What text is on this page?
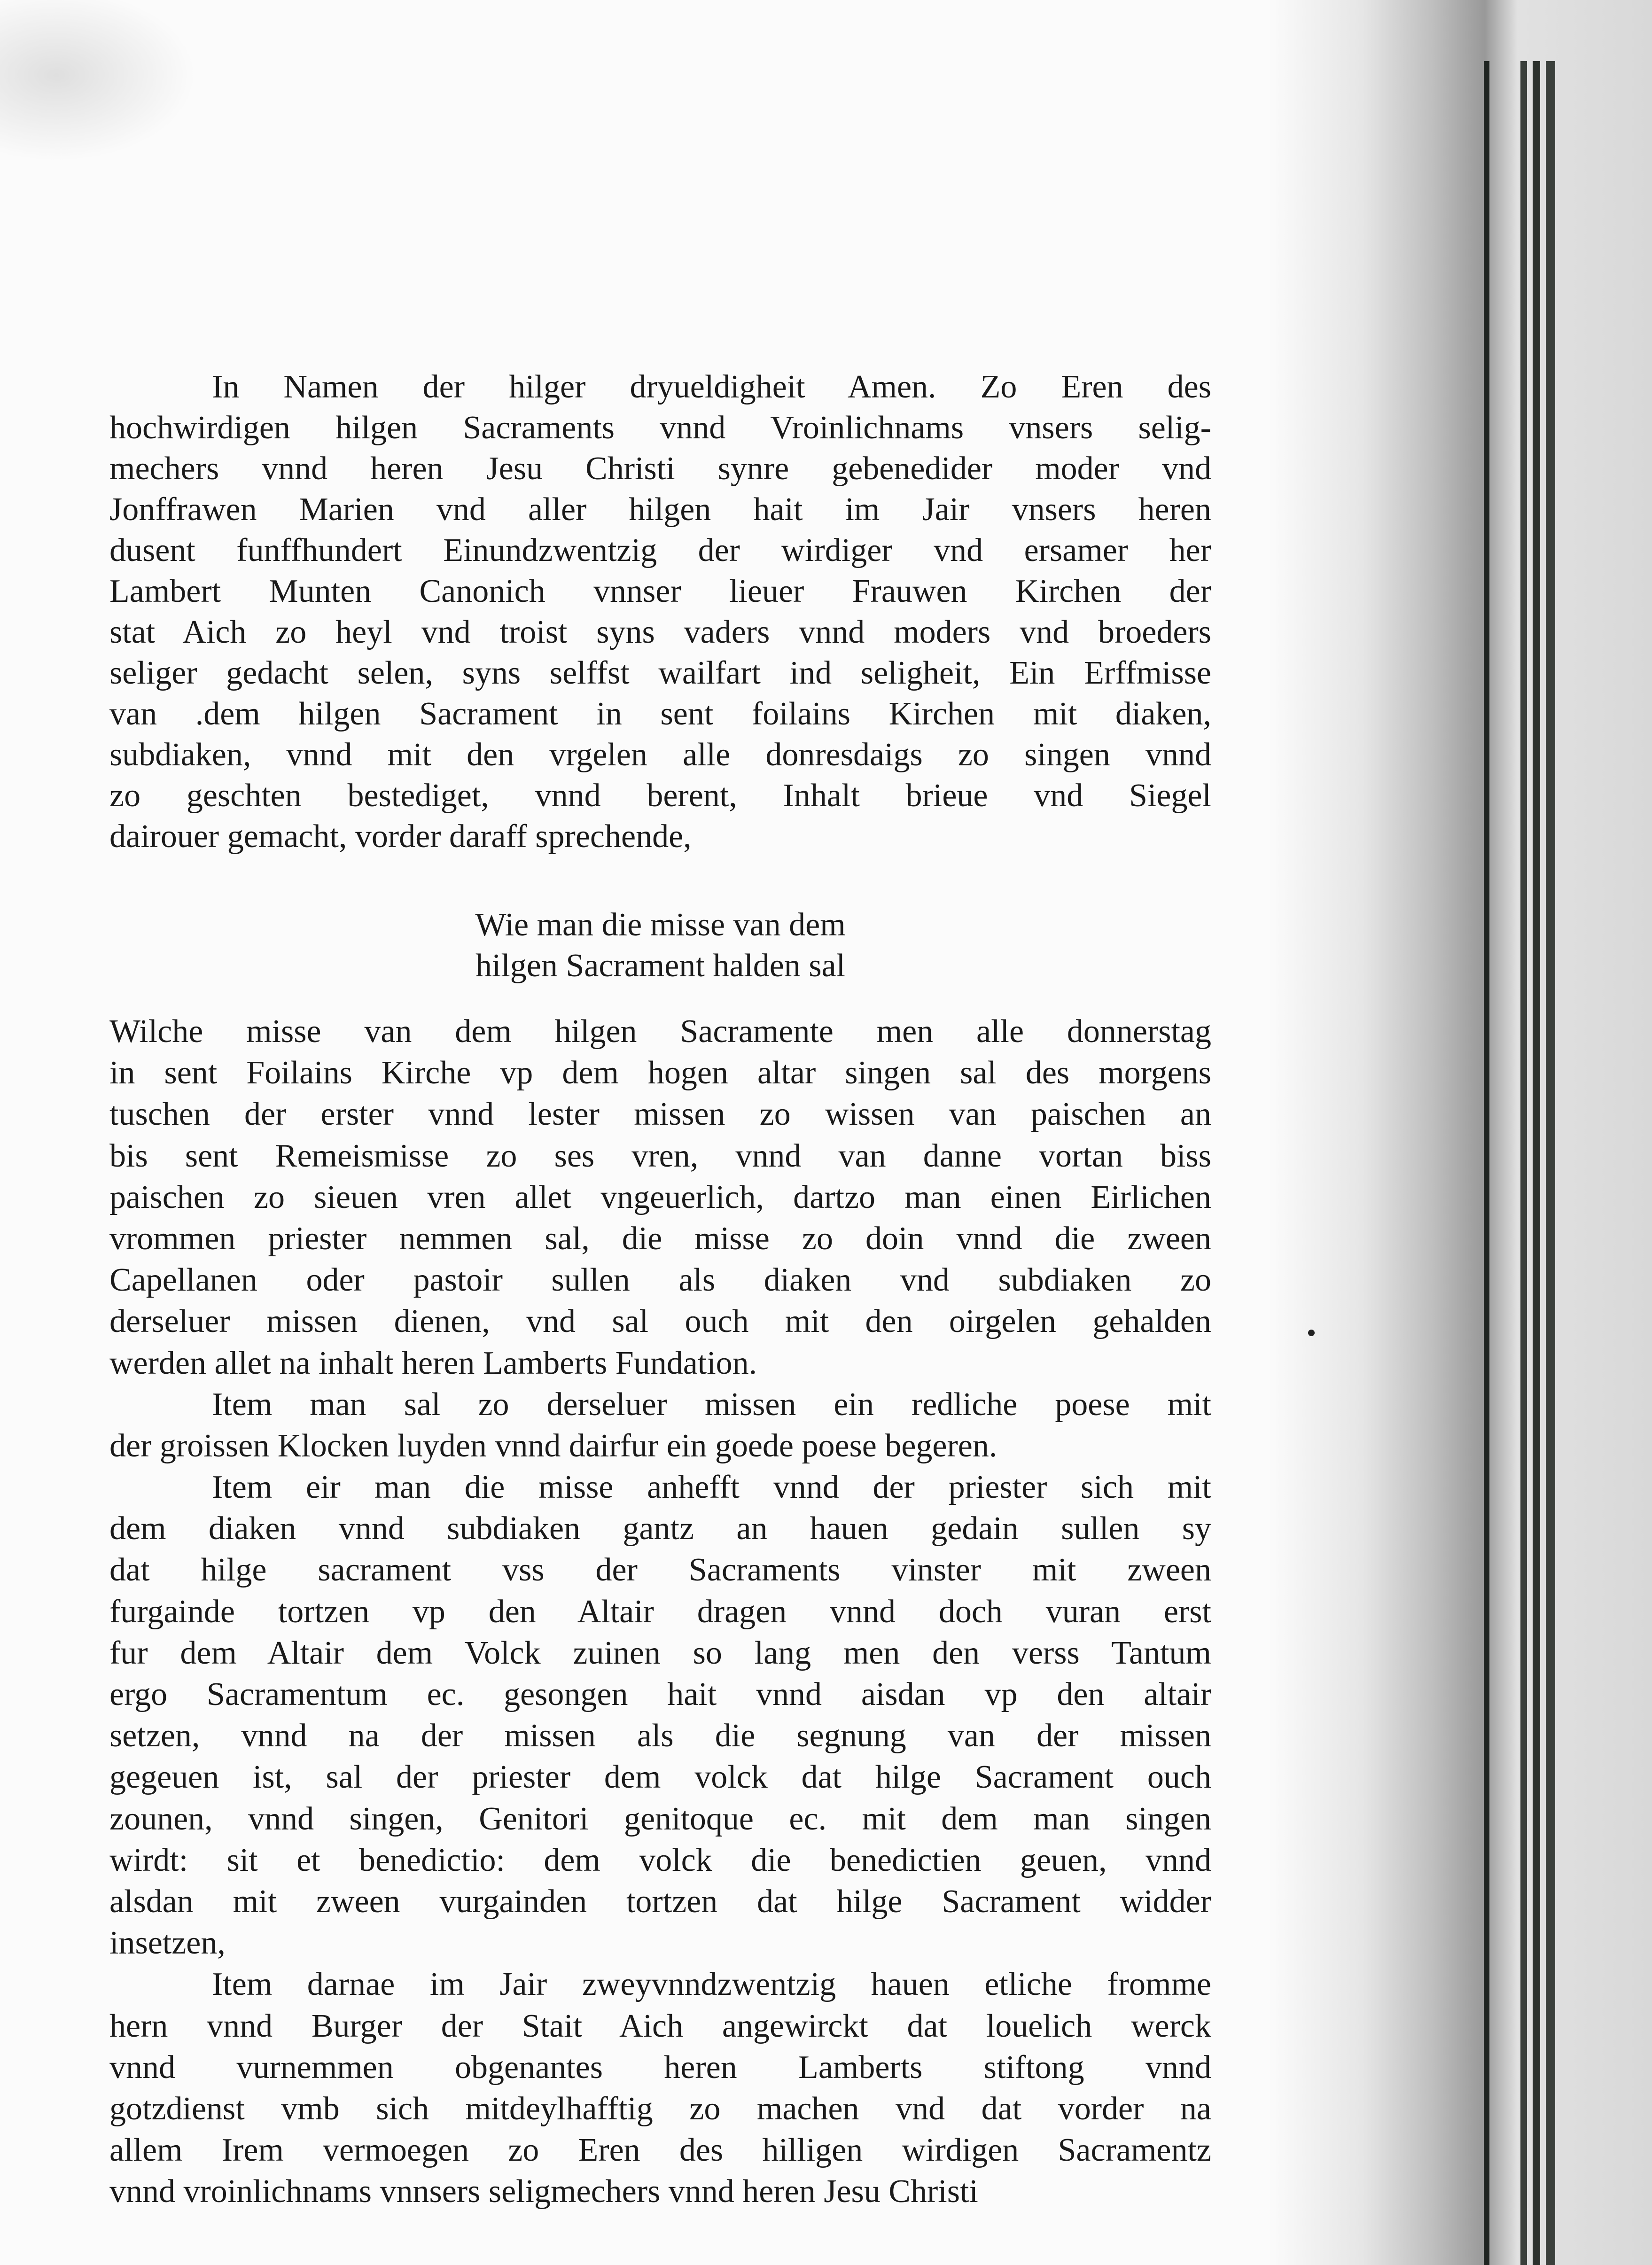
In Namen der hilger dryueldigheit Amen. Zo Eren des
hochwirdigen hilgen Sacraments vnnd Vroinlichnams vnsers selig-
mechers vnnd heren Jesu Christi synre gebenedider moder vnd
Jonffrawen Marien vnd aller hilgen hait im Jair vnsers heren
dusent funffhundert Einundzwentzig der wirdiger vnd ersamer her
Lambert Munten Canonich vnnser lieuer Frauwen Kirchen der
stat Aich zo heyl vnd troist syns vaders vnnd moders vnd broeders
seliger gedacht selen, syns selffst wailfart ind seligheit, Ein Erffmisse
van .dem hilgen Sacrament in sent foilains Kirchen mit diaken,
subdiaken, vnnd mit den vrgelen alle donresdaigs zo singen vnnd
zo geschten bestediget, vnnd berent, Inhalt brieue vnd Siegel
dairouer gemacht, vorder daraff sprechende,
Wie man die misse van dem
hilgen Sacrament halden sal
Wilche misse van dem hilgen Sacramente men alle donnerstag
in sent Foilains Kirche vp dem hogen altar singen sal des morgens
tuschen der erster vnnd lester missen zo wissen van paischen an
bis sent Remeismisse zo ses vren, vnnd van danne vortan biss
paischen zo sieuen vren allet vngeuerlich, dartzo man einen Eirlichen
vrommen priester nemmen sal, die misse zo doin vnnd die zween
Capellanen oder pastoir sullen als diaken vnd subdiaken zo
derseluer missen dienen, vnd sal ouch mit den oirgelen gehalden
werden allet na inhalt heren Lamberts Fundation.
Item man sal zo derseluer missen ein redliche poese mit
der groissen Klocken luyden vnnd dairfur ein goede poese begeren.
Item eir man die misse anhefft vnnd der priester sich mit
dem diaken vnnd subdiaken gantz an hauen gedain sullen sy
dat hilge sacrament vss der Sacraments vinster mit zween
furgainde tortzen vp den Altair dragen vnnd doch vuran erst
fur dem Altair dem Volck zuinen so lang men den verss Tantum
ergo Sacramentum ec. gesongen hait vnnd aisdan vp den altair
setzen, vnnd na der missen als die segnung van der missen
gegeuen ist, sal der priester dem volck dat hilge Sacrament ouch
zounen, vnnd singen, Genitori genitoque ec. mit dem man singen
wirdt: sit et benedictio: dem volck die benedictien geuen, vnnd
alsdan mit zween vurgainden tortzen dat hilge Sacrament widder
insetzen,
Item darnae im Jair zweyvnndzwentzig hauen etliche fromme
hern vnnd Burger der Stait Aich angewirckt dat louelich werck
vnnd vurnemmen obgenantes heren Lamberts stiftong vnnd
gotzdienst vmb sich mitdeylhafftig zo machen vnd dat vorder na
allem Irem vermoegen zo Eren des hilligen wirdigen Sacramentz
vnnd vroinlichnams vnnsers seligmechers vnnd heren Jesu Christi
